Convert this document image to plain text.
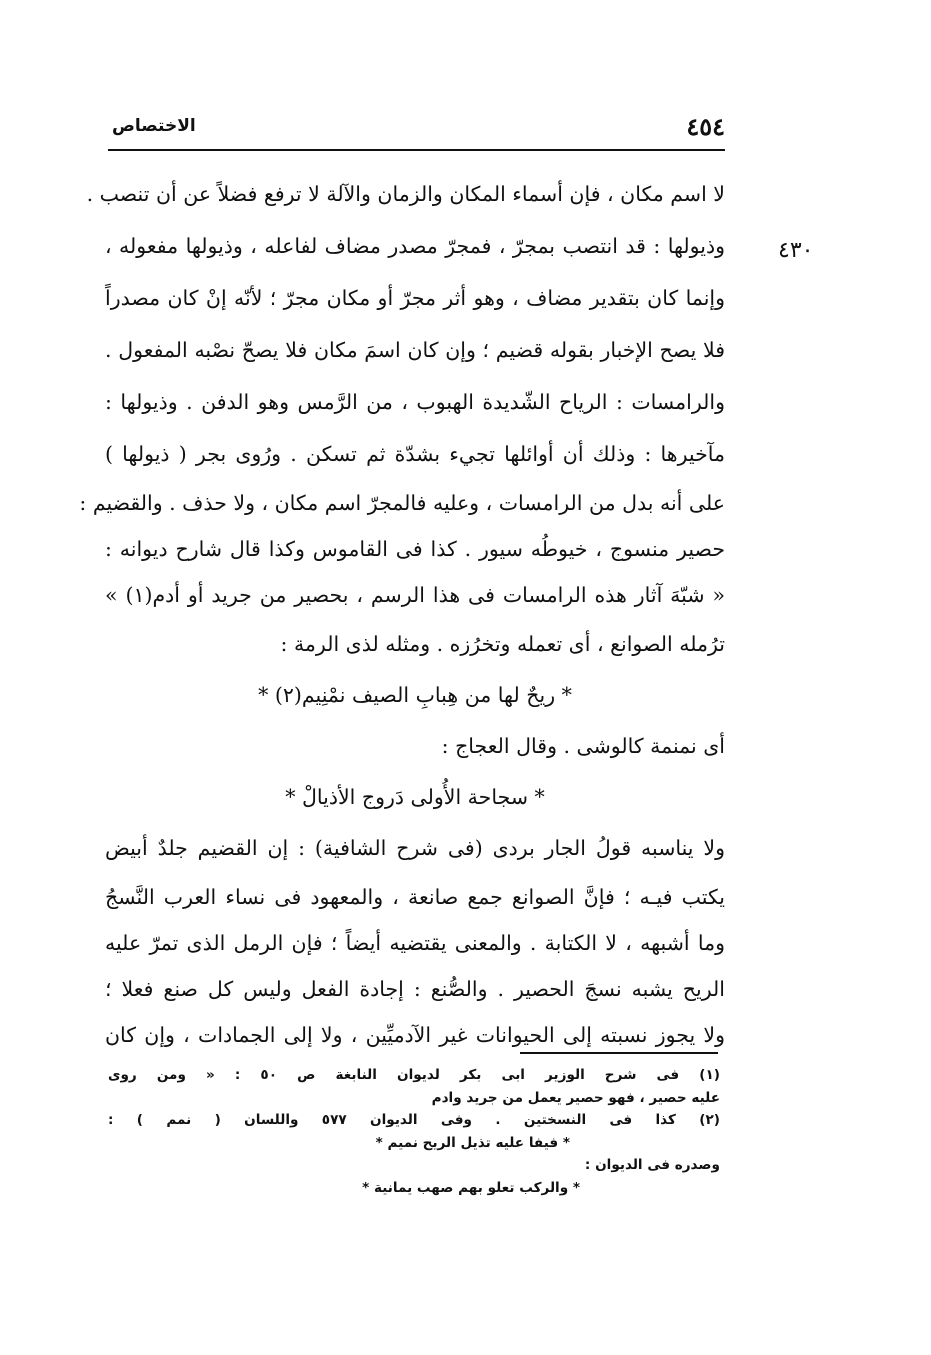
الاختصاص	٤٥٤
٤٣٠
لا اسم مكان ، فإن أسماء المكان والزمان والآلة لا ترفع فضلاً عن أن تنصب .
وذيولها : قد انتصب بمجرّ ، فمجرّ مصدر مضاف لفاعله ، وذيولها مفعوله ،
وإنما كان بتقدير مضاف ، وهو أثر مجرّ أو مكان مجرّ ؛ لأنّه إنْ كان مصدراً
فلا يصح الإخبار بقوله قضيم ؛ وإن كان اسمَ مكان فلا يصحّ نصْبه المفعول .
والرامسات : الرياح الشّديدة الهبوب ، من الرَّمس وهو الدفن . وذيولها :
مآخيرها : وذلك أن أوائلها تجيء بشدّة ثم تسكن . ورُوى بجر ( ذيولها )
على أنه بدل من الرامسات ، وعليه فالمجرّ اسم مكان ، ولا حذف . والقضيم :
حصير منسوج ، خيوطُه سيور . كذا فى القاموس وكذا قال شارح ديوانه :
« شبّهَ آثار هذه الرامسات فى هذا الرسم ، بحصير من جريد أو أدم(١) »
ترُمله الصوانع ، أى تعمله وتخرُزه . ومثله لذى الرمة :
* ريحٌ لها من هِبابِ الصيف نمْنِيم(٢) *
أى نمنمة كالوشى . وقال العجاج :
* سجاحة الأُولى دَروج الأذيالْ *
ولا يناسبه قولُ الجار بردى (فى شرح الشافية) : إن القضيم جلدٌ أبيض
يكتب فيـه ؛ فإنَّ الصوانع جمع صانعة ، والمعهود فى نساء العرب النَّسجُ
وما أشبهه ، لا الكتابة . والمعنى يقتضيه أيضاً ؛ فإن الرمل الذى تمرّ عليه
الريح يشبه نسجَ الحصير . والصُّنع : إجادة الفعل وليس كل صنع فعلا ؛
ولا يجوز نسبته إلى الحيوانات غير الآدميِّين ، ولا إلى الجمادات ، وإن كان
(١) فى شرح الوزير ابى بكر لديوان النابغة ص ٥٠ : « ومن روى
عليه حصير ، فهو حصير يعمل من جريد وادم
(٢) كذا فى النسختين . وفى الديوان ٥٧٧ واللسان ( نمم ) :
* فيفا عليه تذيل الريح نميم *
وصدره فى الديوان :
* والركب تعلو بهم صهب يمانية *
